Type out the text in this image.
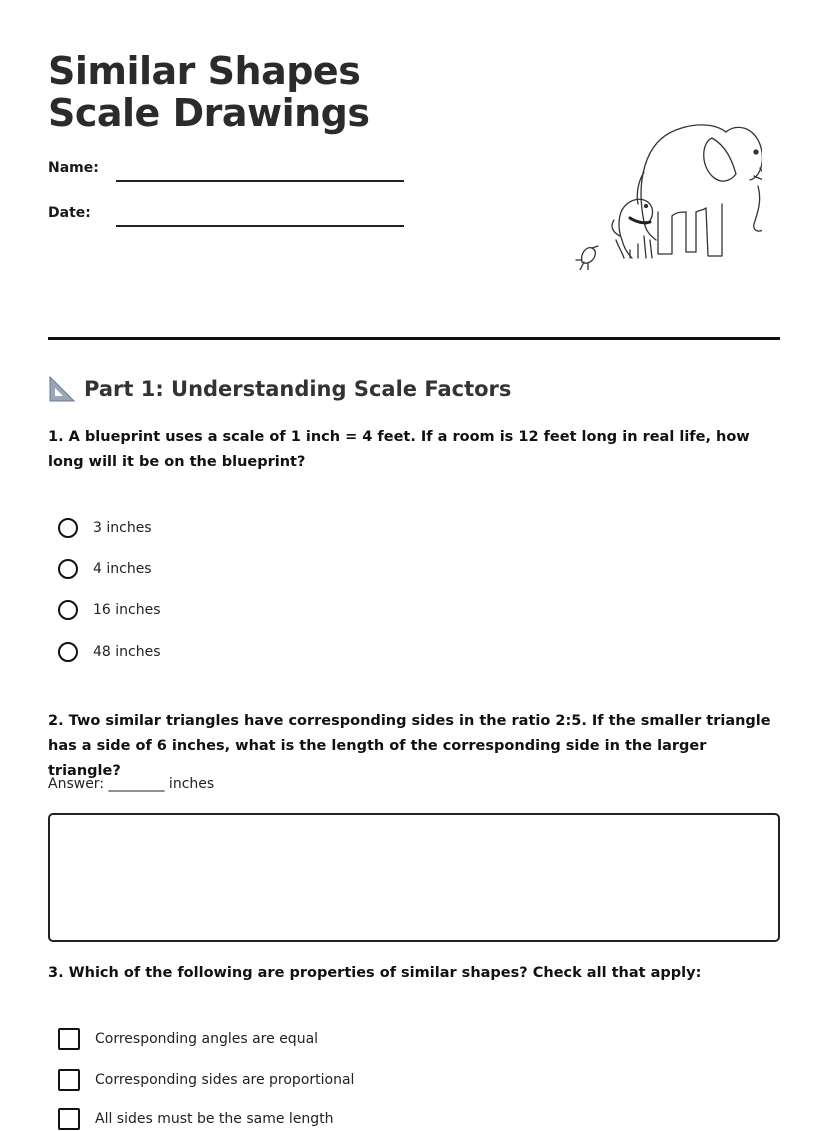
Similar Shapes Scale Drawings
Name:
Date:
Part 1: Understanding Scale Factors

1. A blueprint uses a scale of 1 inch = 4 feet. If a room is 12 feet long in real life, how long will it be on the blueprint?

3 inches
4 inches
16 inches
48 inches

2. Two similar triangles have corresponding sides in the ratio 2:5. If the smaller triangle has a side of 6 inches, what is the length of the corresponding side in the larger triangle?

Answer: ________ inches

3. Which of the following are properties of similar shapes? Check all that apply:

Corresponding angles are equal
Corresponding sides are proportional
All sides must be the same length
